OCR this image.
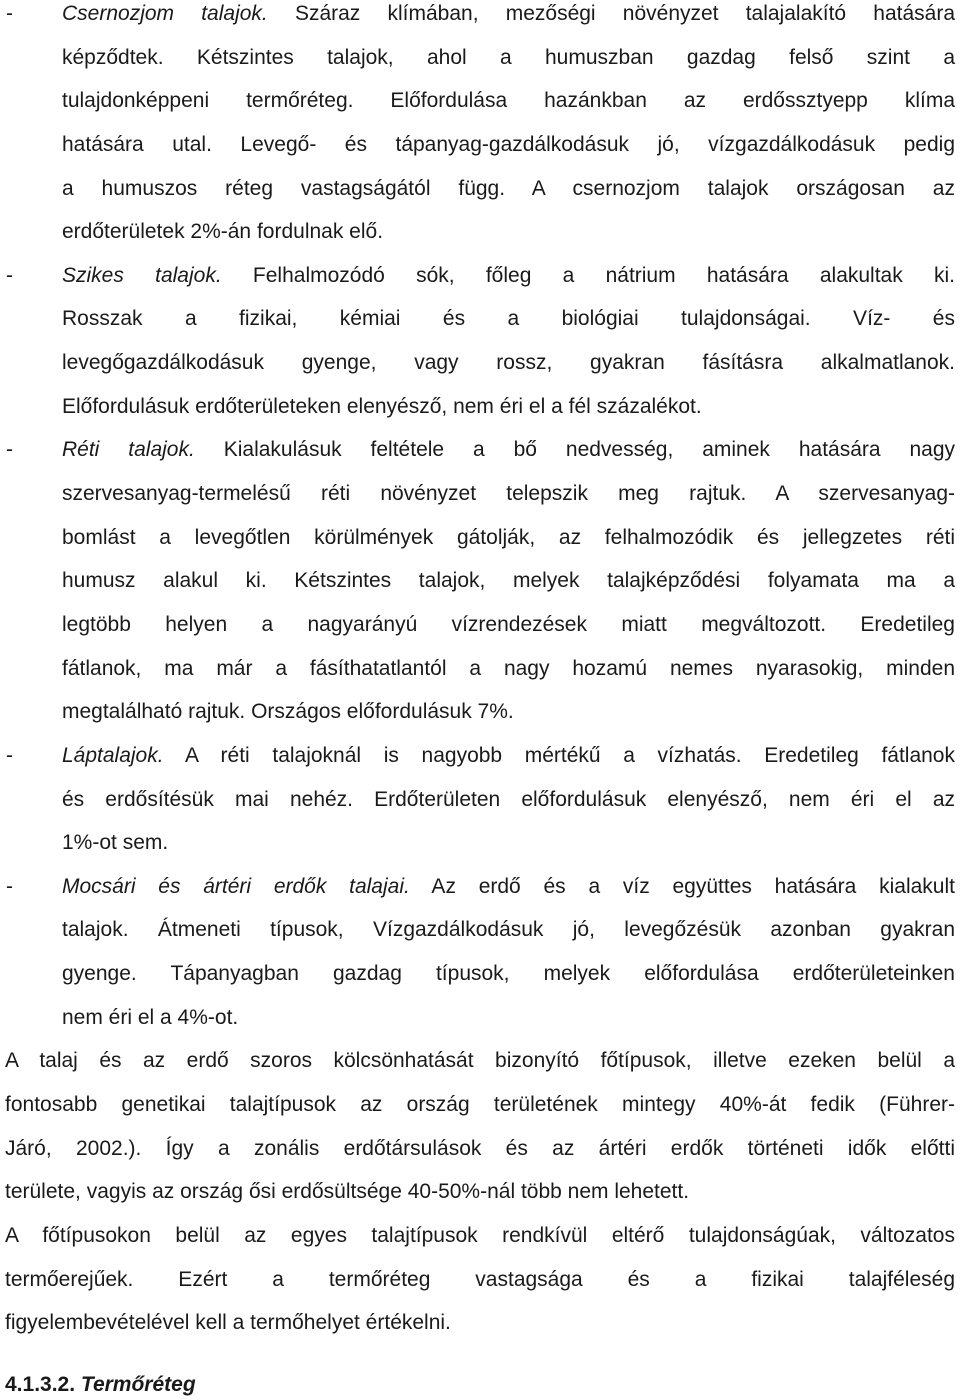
- Csernozjom talajok. Száraz klímában, mezőségi növényzet talajalakító hatására
képződtek. Kétszintes talajok, ahol a humuszban gazdag felső szint a
tulajdonképpeni termőréteg. Előfordulása hazánkban az erdőssztyepp klíma
hatására utal. Levegő- és tápanyag-gazdálkodásuk jó, vízgazdálkodásuk pedig
a humuszos réteg vastagságától függ. A csernozjom talajok országosan az
erdőterületek 2%-án fordulnak elő.
- Szikes talajok. Felhalmozódó sók, főleg a nátrium hatására alakultak ki.
Rosszak a fizikai, kémiai és a biológiai tulajdonságai. Víz- és
levegőgazdálkodásuk gyenge, vagy rossz, gyakran fásításra alkalmatlanok.
Előfordulásuk erdőterületeken elenyésző, nem éri el a fél százalékot.
- Réti talajok. Kialakulásuk feltétele a bő nedvesség, aminek hatására nagy
szervesanyag-termelésű réti növényzet telepszik meg rajtuk. A szervesanyag-
bomlást a levegőtlen körülmények gátolják, az felhalmozódik és jellegzetes réti
humusz alakul ki. Kétszintes talajok, melyek talajképződési folyamata ma a
legtöbb helyen a nagyarányú vízrendezések miatt megváltozott. Eredetileg
fátlanok, ma már a fásíthatatlantól a nagy hozamú nemes nyarasokig, minden
megtalálható rajtuk. Országos előfordulásuk 7%.
- Láptalajok. A réti talajoknál is nagyobb mértékű a vízhatás. Eredetileg fátlanok
és erdősítésük mai nehéz. Erdőterületen előfordulásuk elenyésző, nem éri el az
1%-ot sem.
- Mocsári és ártéri erdők talajai. Az erdő és a víz együttes hatására kialakult
talajok. Átmeneti típusok, Vízgazdálkodásuk jó, levegőzésük azonban gyakran
gyenge. Tápanyagban gazdag típusok, melyek előfordulása erdőterületeinken
nem éri el a 4%-ot.
A talaj és az erdő szoros kölcsönhatását bizonyító főtípusok, illetve ezeken belül a
fontosabb genetikai talajtípusok az ország területének mintegy 40%-át fedik (Führer-
Járó, 2002.). Így a zonális erdőtársulások és az ártéri erdők történeti idők előtti
területe, vagyis az ország ősi erdősültsége 40-50%-nál több nem lehetett.
A főtípusokon belül az egyes talajtípusok rendkívül eltérő tulajdonságúak, változatos
termőerejűek. Ezért a termőréteg vastagsága és a fizikai talajféleség
figyelembevételével kell a termőhelyet értékelni.
4.1.3.2. Termőréteg
